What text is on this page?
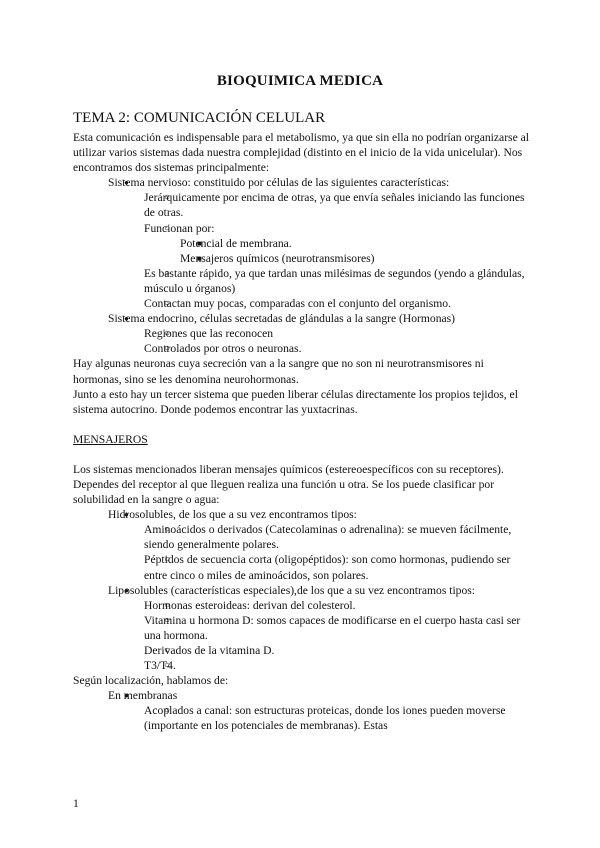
BIOQUIMICA MEDICA
TEMA 2: COMUNICACIÓN CELULAR

Esta comunicación es indispensable para el metabolismo, ya que sin ella no podrían organizarse al utilizar varios sistemas dada nuestra complejidad (distinto en el inicio de la vida unicelular). Nos encontramos dos sistemas principalmente:

● Sistema nervioso: constituido por células de las siguientes características:
○ Jerárquicamente por encima de otras, ya que envía señales iniciando las funciones de otras.
○ Funcionan por:
■ Potencial de membrana.
■ Mensajeros químicos (neurotransmisores)
○ Es bastante rápido, ya que tardan unas milésimas de segundos (yendo a glándulas, músculo u órganos)
○ Contactan muy pocas, comparadas con el conjunto del organismo.
● Sistema endocrino, células secretadas de glándulas a la sangre (Hormonas)
○ Regiones que las reconocen
○ Controlados por otros o neuronas.

Hay algunas neuronas cuya secreción van a la sangre que no son ni neurotransmisores ni hormonas, sino se les denomina neurohormonas.

Junto a esto hay un tercer sistema que pueden liberar células directamente los propios tejidos, el sistema autocrino. Donde podemos encontrar las yuxtacrinas.

MENSAJEROS

Los sistemas mencionados liberan mensajes químicos (estereoespecíficos con su receptores). Dependes del receptor al que lleguen realiza una función u otra. Se los puede clasificar por solubilidad en la sangre o agua:

● Hidrosolubles, de los que a su vez encontramos tipos:
○ Aminoácidos o derivados (Catecolaminas o adrenalina): se mueven fácilmente, siendo generalmente polares.
○ Péptidos de secuencia corta (oligopéptidos): son como hormonas, pudiendo ser entre cinco o miles de aminoácidos, son polares.
● Liposolubles (características especiales),de los que a su vez encontramos tipos:
○ Hormonas esteroideas: derivan del colesterol.
○ Vitamina u hormona D: somos capaces de modificarse en el cuerpo hasta casi ser una hormona.
○ Derivados de la vitamina D.
○ T3/T4.

Según localización, hablamos de:

● En membranas
○ Acoplados a canal: son estructuras proteicas, donde los iones pueden moverse (importante en los potenciales de membranas). Estas
1
